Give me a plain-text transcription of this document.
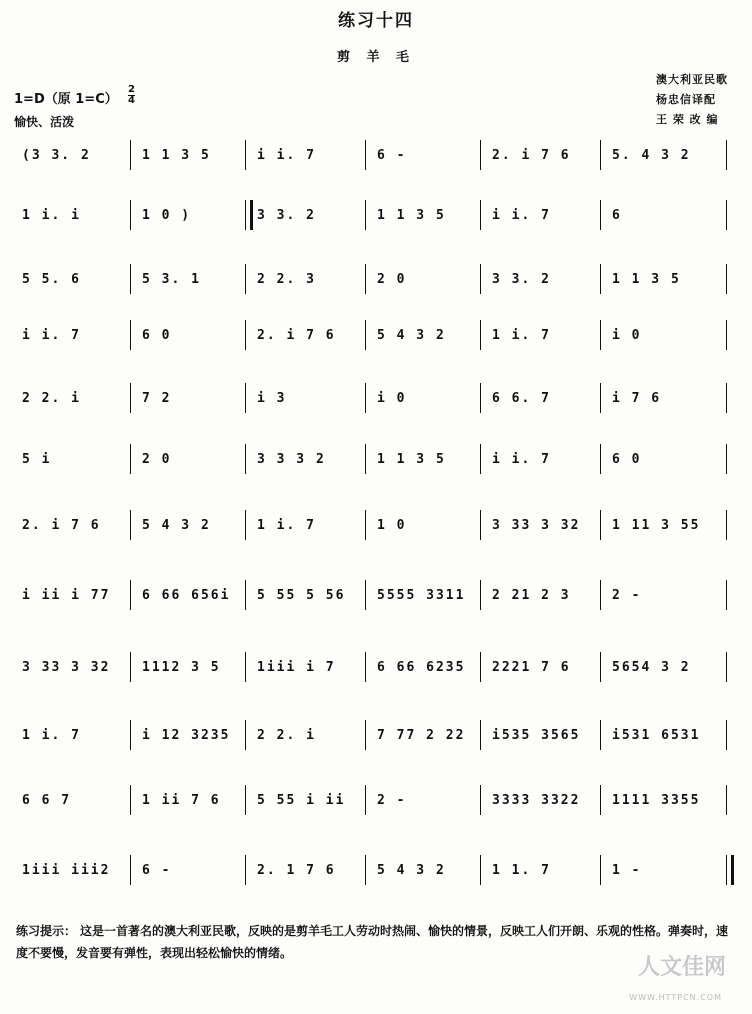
练习十四
剪 羊 毛
1=D（原 1=C）
2
4
愉快、活泼
澳大利亚民歌
杨忠信译配
王 荣 改 编
(3 3. 2	1 1 3 5	i i. 7	6 -	2. i 7 6	5. 4 3 2
1 i. i	1 0 )	3 3. 2	1 1 3 5	i i. 7	6
5 5. 6	5 3. 1	2 2. 3	2 0	3 3. 2	1 1 3 5
i i. 7	6 0	2. i 7 6	5 4 3 2	1 i. 7	i 0
2 2. i	7 2	i 3	i 0	6 6. 7	i 7 6
5 i	2 0	3 3 3 2	1 1 3 5	i i. 7	6 0
2. i 7 6	5 4 3 2	1 i. 7	1 0	3 33 3 32	1 11 3 55
i ii i 77	6 66 656i	5 55 5 56	5555 3311	2 21 2 3	2 -
3 33 3 32	1112 3 5	1iii i 7	6 66 6235	2221 7 6	5654 3 2
1 i. 7	i 12 3235	2 2. i	7 77 2 22	i535 3565	i531 6531
6 6 7	1 ii 7 6	5 55 i ii	2 -	3333 3322	1111 3355
1iii iii2	6 -	2. 1 7 6	5 4 3 2	1 1. 7	1 -
练习提示： 这是一首著名的澳大利亚民歌，反映的是剪羊毛工人劳动时热闹、愉快的情景，反映工人们开朗、乐观的性格。弹奏时，速度不要慢，发音要有弹性，表现出轻松愉快的情绪。
人文佳网
WWW.HTTPCN.COM
